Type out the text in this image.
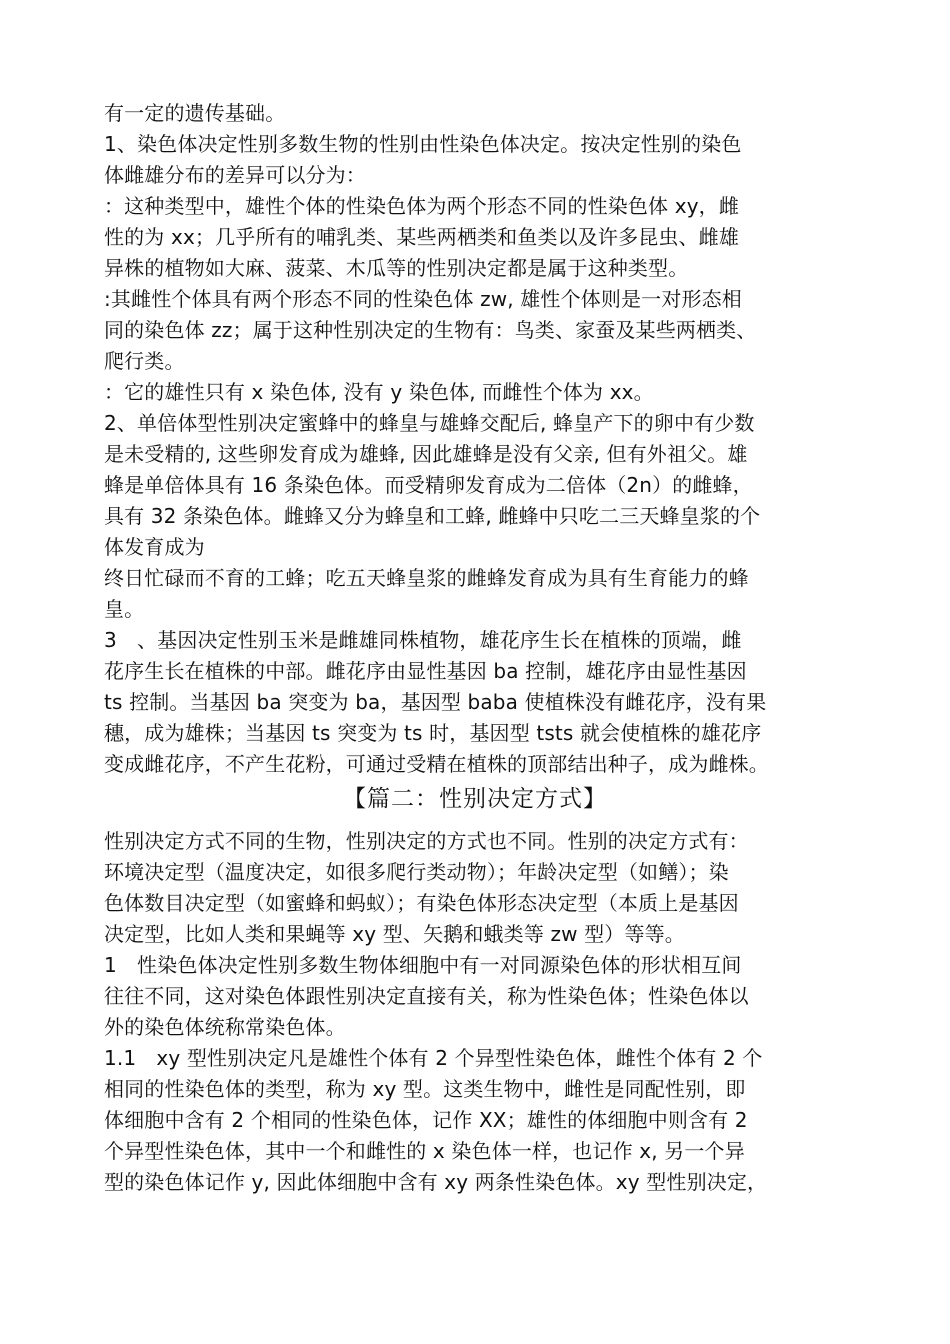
有一定的遗传基础。
1、染色体决定性别多数生物的性别由性染色体决定。按决定性别的染色
体雌雄分布的差异可以分为：
：这种类型中，雄性个体的性染色体为两个形态不同的性染色体 xy，雌
性的为 xx；几乎所有的哺乳类、某些两栖类和鱼类以及许多昆虫、雌雄
异株的植物如大麻、菠菜、木瓜等的性别决定都是属于这种类型。
:其雌性个体具有两个形态不同的性染色体 zw, 雄性个体则是一对形态相
同的染色体 zz；属于这种性别决定的生物有：鸟类、家蚕及某些两栖类、
爬行类。
：它的雄性只有 x 染色体, 没有 y 染色体, 而雌性个体为 xx。
2、单倍体型性别决定蜜蜂中的蜂皇与雄蜂交配后, 蜂皇产下的卵中有少数
是未受精的, 这些卵发育成为雄蜂, 因此雄蜂是没有父亲, 但有外祖父。雄
蜂是单倍体具有 16 条染色体。而受精卵发育成为二倍体（2n）的雌蜂，
具有 32 条染色体。雌蜂又分为蜂皇和工蜂, 雌蜂中只吃二三天蜂皇浆的个
体发育成为
终日忙碌而不育的工蜂；吃五天蜂皇浆的雌蜂发育成为具有生育能力的蜂
皇。
3　、基因决定性别玉米是雌雄同株植物，雄花序生长在植株的顶端，雌
花序生长在植株的中部。雌花序由显性基因 ba 控制，雄花序由显性基因
ts 控制。当基因 ba 突变为 ba，基因型 baba 使植株没有雌花序，没有果
穗，成为雄株；当基因 ts 突变为 ts 时，基因型 tsts 就会使植株的雄花序
变成雌花序，不产生花粉，可通过受精在植株的顶部结出种子，成为雌株。
【篇二：性别决定方式】
性别决定方式不同的生物，性别决定的方式也不同。性别的决定方式有：
环境决定型（温度决定，如很多爬行类动物）；年龄决定型（如鳝）；染
色体数目决定型（如蜜蜂和蚂蚁）；有染色体形态决定型（本质上是基因
决定型，比如人类和果蝇等 xy 型、矢鹅和蛾类等 zw 型）等等。
1　性染色体决定性别多数生物体细胞中有一对同源染色体的形状相互间
往往不同，这对染色体跟性别决定直接有关，称为性染色体；性染色体以
外的染色体统称常染色体。
1.1　xy 型性别决定凡是雄性个体有 2 个异型性染色体，雌性个体有 2 个
相同的性染色体的类型，称为 xy 型。这类生物中，雌性是同配性别，即
体细胞中含有 2 个相同的性染色体，记作 XX；雄性的体细胞中则含有 2
个异型性染色体，其中一个和雌性的 x 染色体一样，也记作 x, 另一个异
型的染色体记作 y, 因此体细胞中含有 xy 两条性染色体。xy 型性别决定，
